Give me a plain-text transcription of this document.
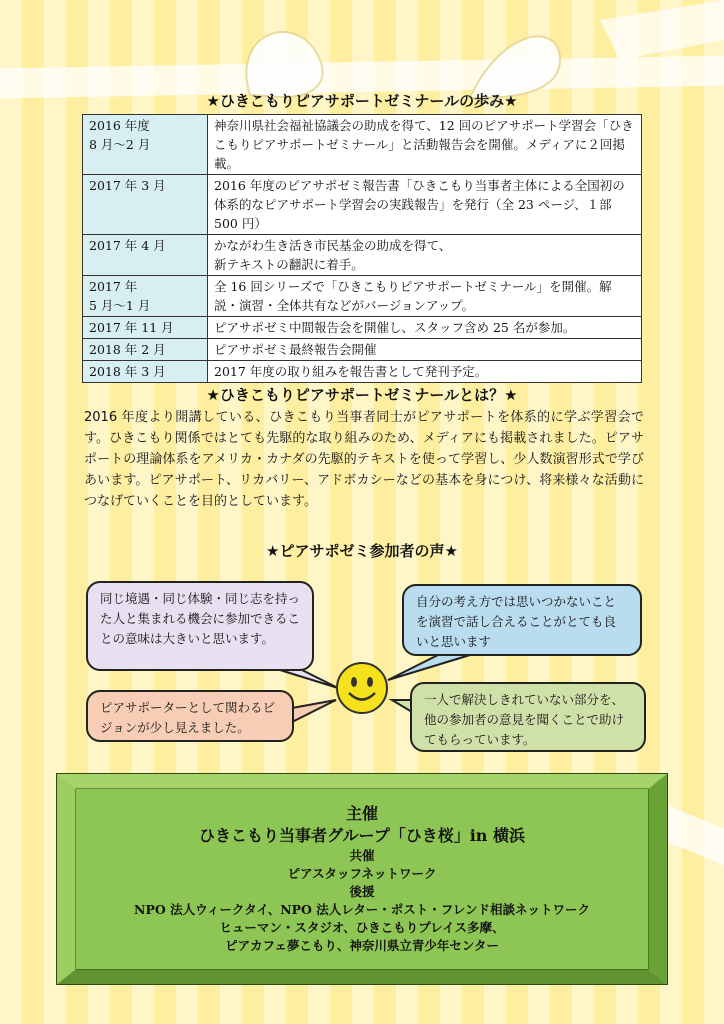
★ひきこもりピアサポートゼミナールの歩み★
2016 年度
8 月～2 月	神奈川県社会福祉協議会の助成を得て、12 回のピアサポート学習会「ひきこもりピアサポートゼミナール」と活動報告会を開催。メディアに２回掲載。
2017 年 3 月	2016 年度のピアサポゼミ報告書「ひきこもり当事者主体による全国初の体系的なピアサポート学習会の実践報告」を発行（全 23 ページ、１部 500 円）
2017 年 4 月	かながわ生き活き市民基金の助成を得て、
新テキストの翻訳に着手。
2017 年
5 月～1 月	全 16 回シリーズで「ひきこもりピアサポートゼミナール」を開催。解説・演習・全体共有などがバージョンアップ。
2017 年 11 月	ピアサポゼミ中間報告会を開催し、スタッフ含め 25 名が参加。
2018 年 2 月	ピアサポゼミ最終報告会開催
2018 年 3 月	2017 年度の取り組みを報告書として発刊予定。
★ひきこもりピアサポートゼミナールとは？★
2016 年度より開講している、ひきこもり当事者同士がピアサポートを体系的に学ぶ学習会です。ひきこもり関係ではとても先駆的な取り組みのため、メディアにも掲載されました。ピアサポートの理論体系をアメリカ・カナダの先駆的テキストを使って学習し、少人数演習形式で学びあいます。ピアサポート、リカバリー、アドボカシーなどの基本を身につけ、将来様々な活動につなげていくことを目的としています。
★ピアサポゼミ参加者の声★
同じ境遇・同じ体験・同じ志を持った人と集まれる機会に参加できることの意味は大きいと思います。
自分の考え方では思いつかないことを演習で話し合えることがとても良いと思います
ピアサポーターとして関わるビジョンが少し見えました。
一人で解決しきれていない部分を、他の参加者の意見を聞くことで助けてもらっています。
主催
ひきこもり当事者グループ「ひき桜」in 横浜
共催
ピアスタッフネットワーク
後援
NPO 法人ウィークタイ、NPO 法人レター・ポスト・フレンド相談ネットワーク
ヒューマン・スタジオ、ひきこもりプレイス多摩、
ピアカフェ夢こもり、神奈川県立青少年センター
